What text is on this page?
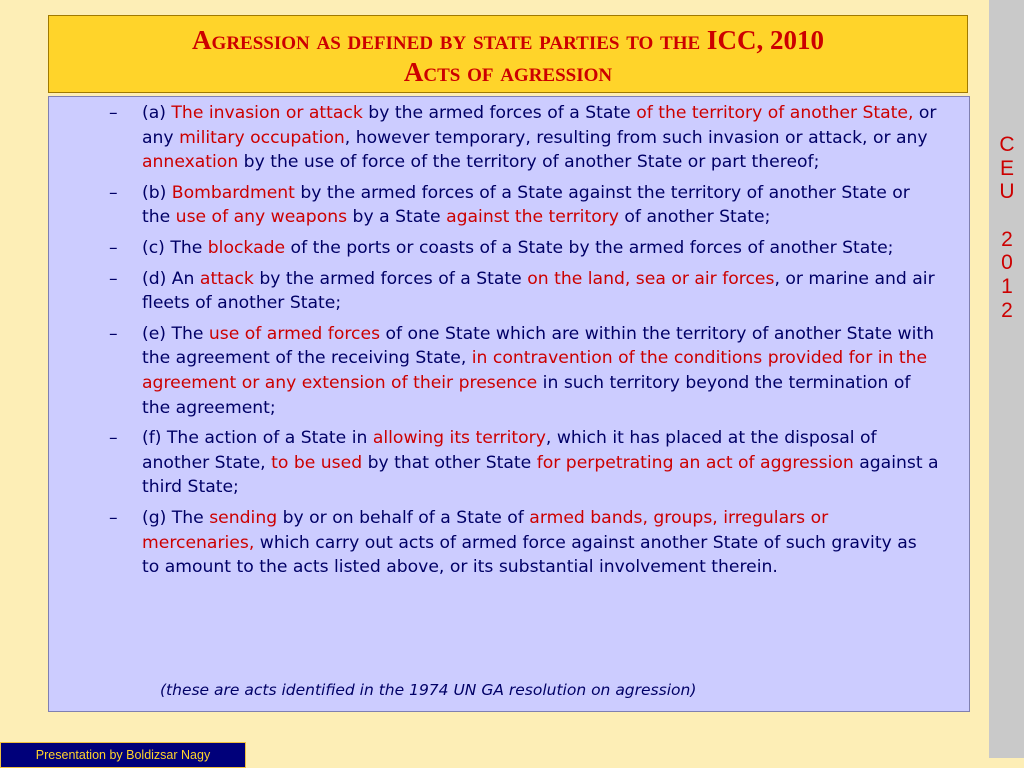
C
E
U
2
0
1
2
Agression as defined by state parties to the ICC, 2010
Acts of agression
– (a) The invasion or attack by the armed forces of a State of the territory of another State, or any military occupation, however temporary, resulting from such invasion or attack, or any annexation by the use of force of the territory of another State or part thereof;
– (b) Bombardment by the armed forces of a State against the territory of another State or the use of any weapons by a State against the territory of another State;
– (c) The blockade of the ports or coasts of a State by the armed forces of another State;
– (d) An attack by the armed forces of a State on the land, sea or air forces, or marine and air fleets of another State;
– (e) The use of armed forces of one State which are within the territory of another State with the agreement of the receiving State, in contravention of the conditions provided for in the agreement or any extension of their presence in such territory beyond the termination of the agreement;
– (f) The action of a State in allowing its territory, which it has placed at the disposal of another State, to be used by that other State for perpetrating an act of aggression against a third State;
– (g) The sending by or on behalf of a State of armed bands, groups, irregulars or mercenaries, which carry out acts of armed force against another State of such gravity as to amount to the acts listed above, or its substantial involvement therein.
(these are acts identified in the 1974 UN GA resolution on agression)
Presentation by Boldizsar Nagy
